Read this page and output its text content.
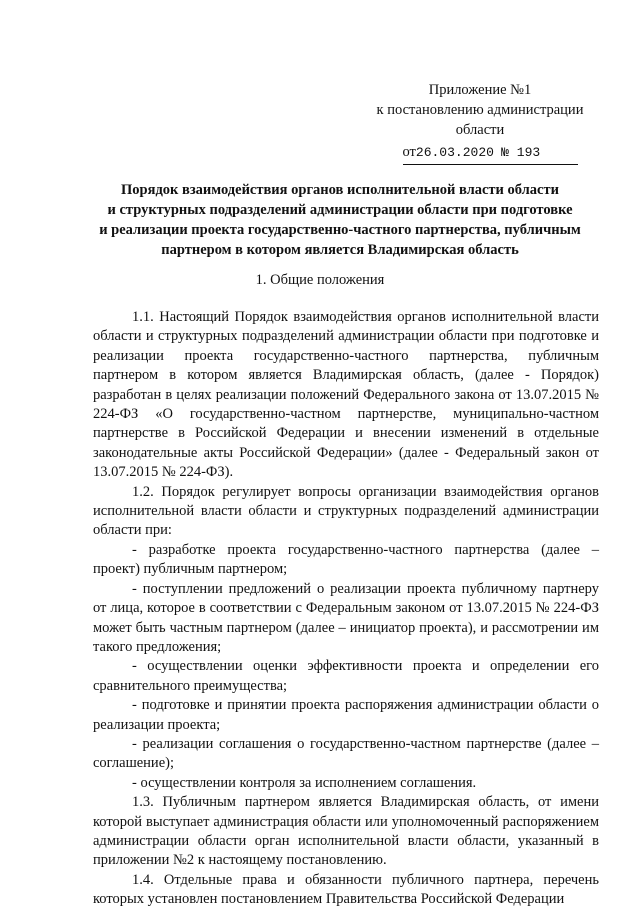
Приложение №1
к постановлению администрации
области
от26.03.2020 № 193
Порядок взаимодействия органов исполнительной власти области
и структурных подразделений администрации области при подготовке
и реализации проекта государственно-частного партнерства, публичным
партнером в котором является Владимирская область
1. Общие положения

1.1. Настоящий Порядок взаимодействия органов исполнительной власти области и структурных подразделений администрации области при подготовке и реализации проекта государственно-частного партнерства, публичным партнером в котором является Владимирская область, (далее - Порядок) разработан в целях реализации положений Федерального закона от 13.07.2015 № 224-ФЗ «О государственно-частном партнерстве, муниципально-частном партнерстве в Российской Федерации и внесении изменений в отдельные законодательные акты Российской Федерации» (далее - Федеральный закон от 13.07.2015 № 224-ФЗ).

1.2. Порядок регулирует вопросы организации взаимодействия органов исполнительной власти области и структурных подразделений администрации области при:

- разработке проекта государственно-частного партнерства (далее – проект) публичным партнером;

- поступлении предложений о реализации проекта публичному партнеру от лица, которое в соответствии с Федеральным законом от 13.07.2015 № 224-ФЗ может быть частным партнером (далее – инициатор проекта), и рассмотрении им такого предложения;

- осуществлении оценки эффективности проекта и определении его сравнительного преимущества;

- подготовке и принятии проекта распоряжения администрации области о реализации проекта;

- реализации соглашения о государственно-частном партнерстве (далее – соглашение);

- осуществлении контроля за исполнением соглашения.

1.3. Публичным партнером является Владимирская область, от имени которой выступает администрация области или уполномоченный распоряжением администрации области орган исполнительной власти области, указанный в приложении №2 к настоящему постановлению.

1.4. Отдельные права и обязанности публичного партнера, перечень которых установлен постановлением Правительства Российской Федерации
